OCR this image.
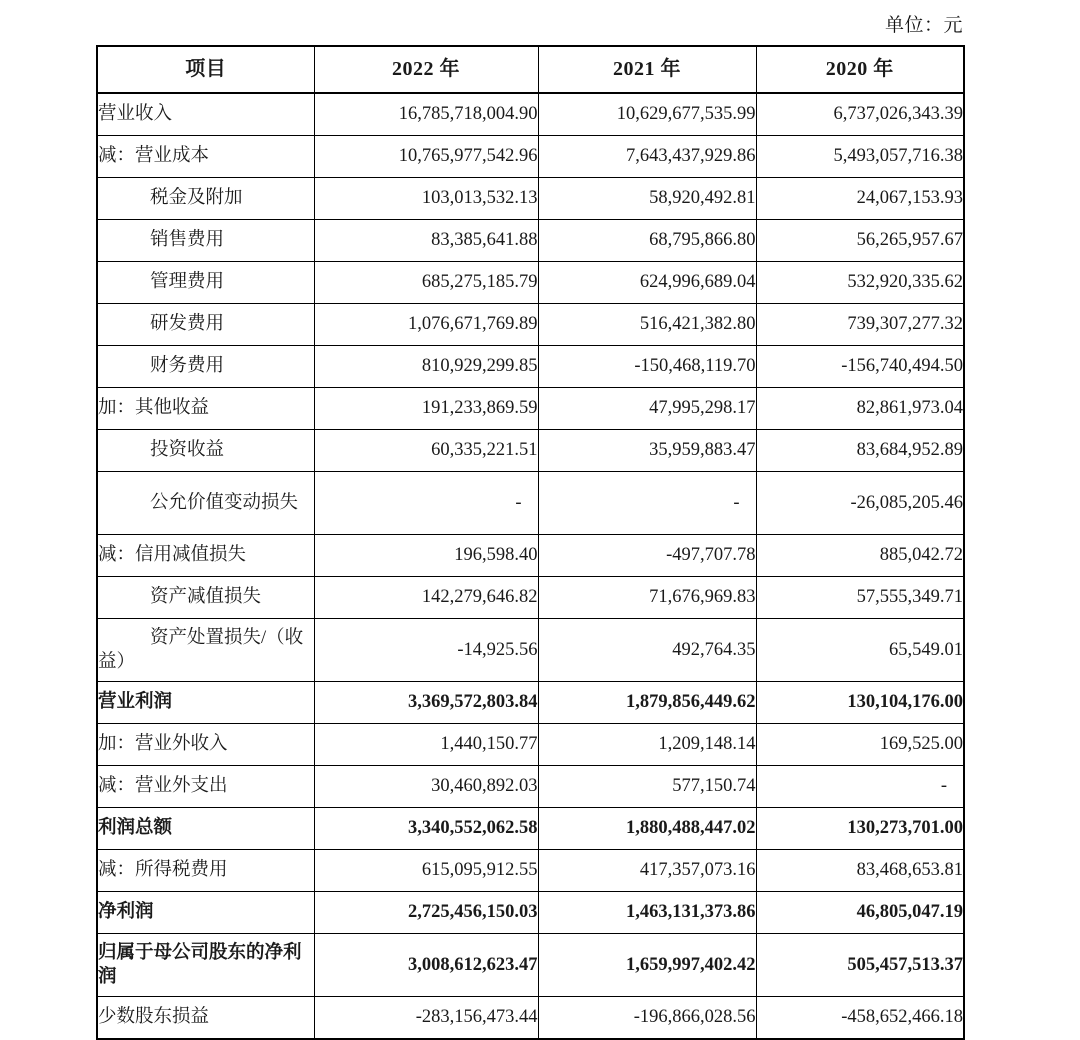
单位：元
项目	2022 年	2021 年	2020 年
营业收入	16,785,718,004.90	10,629,677,535.99	6,737,026,343.39
减：营业成本	10,765,977,542.96	7,643,437,929.86	5,493,057,716.38
税金及附加	103,013,532.13	58,920,492.81	24,067,153.93
销售费用	83,385,641.88	68,795,866.80	56,265,957.67
管理费用	685,275,185.79	624,996,689.04	532,920,335.62
研发费用	1,076,671,769.89	516,421,382.80	739,307,277.32
财务费用	810,929,299.85	-150,468,119.70	-156,740,494.50
加：其他收益	191,233,869.59	47,995,298.17	82,861,973.04
投资收益	60,335,221.51	35,959,883.47	83,684,952.89
公允价值变动损失	-	-	-26,085,205.46
减：信用减值损失	196,598.40	-497,707.78	885,042.72
资产减值损失	142,279,646.82	71,676,969.83	57,555,349.71
资产处置损失/（收益）	-14,925.56	492,764.35	65,549.01
营业利润	3,369,572,803.84	1,879,856,449.62	130,104,176.00
加：营业外收入	1,440,150.77	1,209,148.14	169,525.00
减：营业外支出	30,460,892.03	577,150.74	-
利润总额	3,340,552,062.58	1,880,488,447.02	130,273,701.00
减：所得税费用	615,095,912.55	417,357,073.16	83,468,653.81
净利润	2,725,456,150.03	1,463,131,373.86	46,805,047.19
归属于母公司股东的净利润	3,008,612,623.47	1,659,997,402.42	505,457,513.37
少数股东损益	-283,156,473.44	-196,866,028.56	-458,652,466.18
